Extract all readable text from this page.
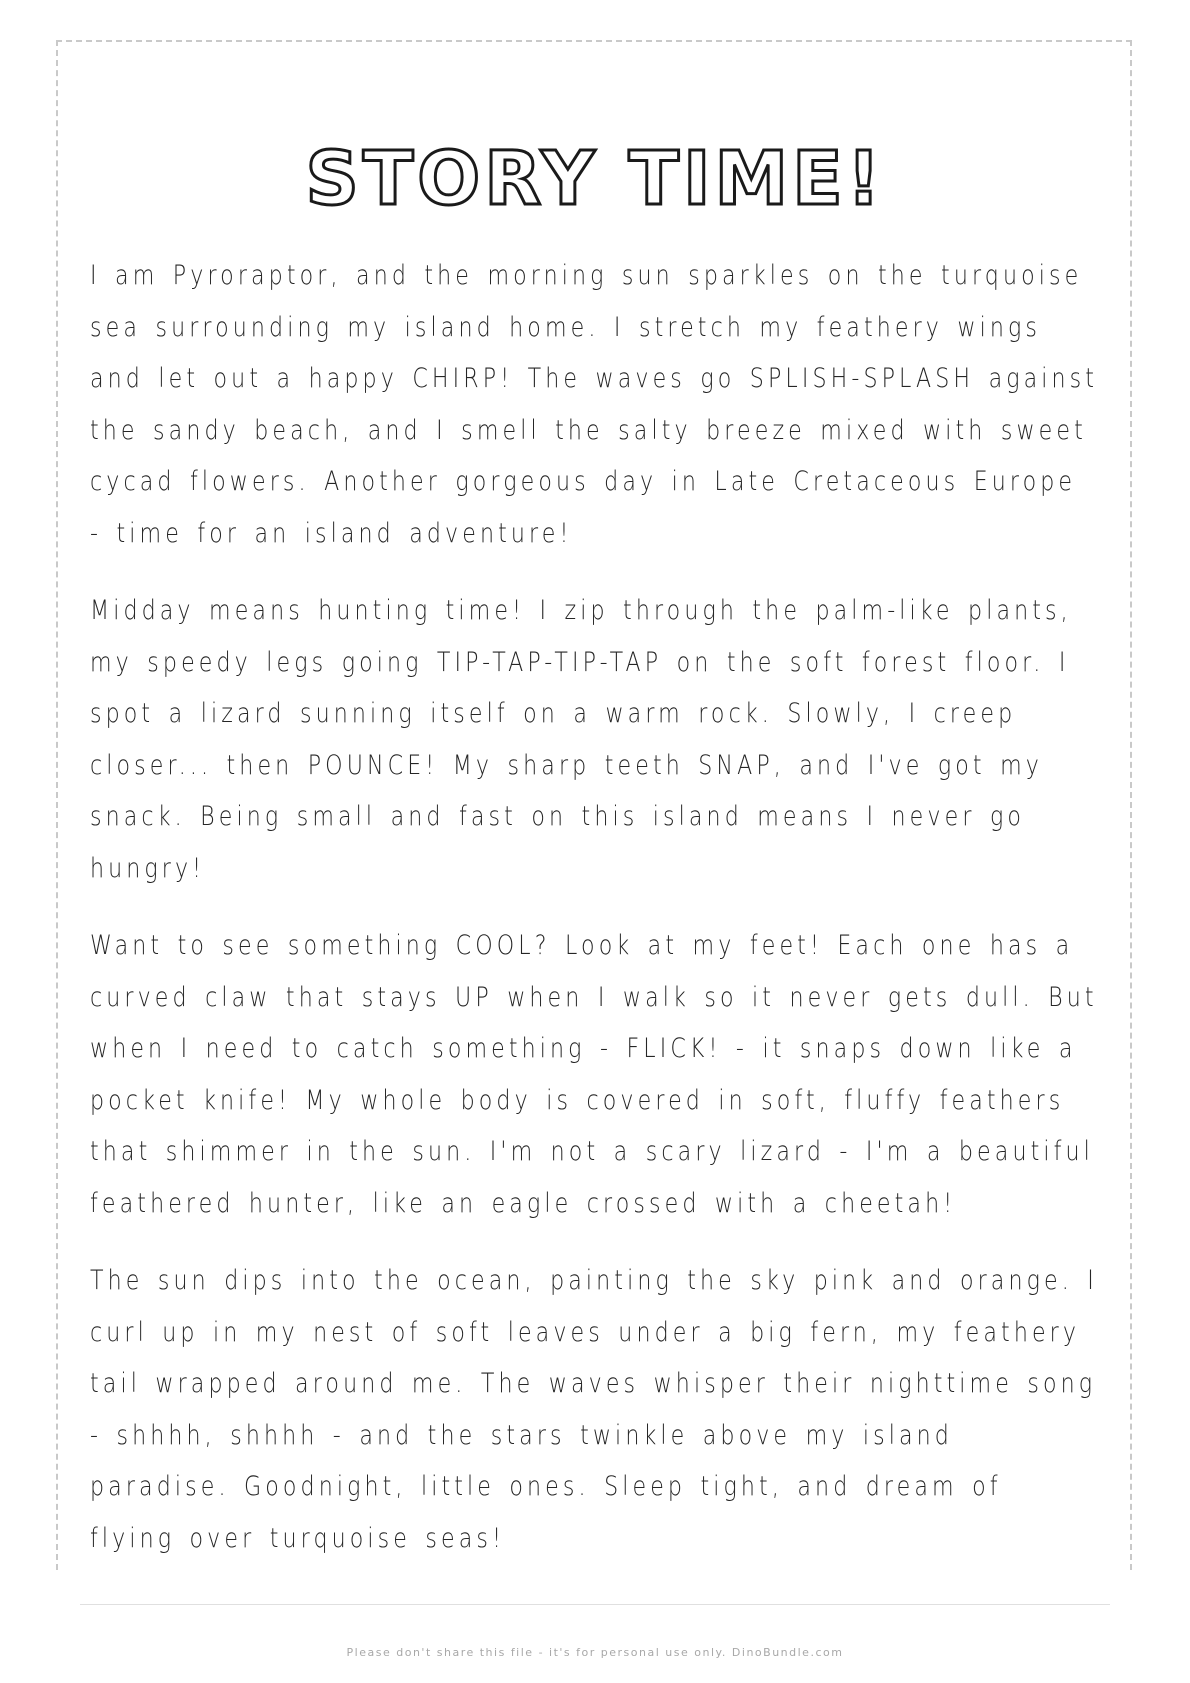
STORY TIME!

I am Pyroraptor, and the morning sun sparkles on the turquoise sea surrounding my island home. I stretch my feathery wings and let out a happy CHIRP! The waves go SPLISH-SPLASH against the sandy beach, and I smell the salty breeze mixed with sweet cycad flowers. Another gorgeous day in Late Cretaceous Europe - time for an island adventure!

Midday means hunting time! I zip through the palm-like plants, my speedy legs going TIP-TAP-TIP-TAP on the soft forest floor. I spot a lizard sunning itself on a warm rock. Slowly, I creep closer... then POUNCE! My sharp teeth SNAP, and I've got my snack. Being small and fast on this island means I never go hungry!

Want to see something COOL? Look at my feet! Each one has a curved claw that stays UP when I walk so it never gets dull. But when I need to catch something - FLICK! - it snaps down like a pocket knife! My whole body is covered in soft, fluffy feathers that shimmer in the sun. I'm not a scary lizard - I'm a beautiful feathered hunter, like an eagle crossed with a cheetah!

The sun dips into the ocean, painting the sky pink and orange. I curl up in my nest of soft leaves under a big fern, my feathery tail wrapped around me. The waves whisper their nighttime song - shhhh, shhhh - and the stars twinkle above my island paradise. Goodnight, little ones. Sleep tight, and dream of flying over turquoise seas!

Please don't share this file - it's for personal use only. DinoBundle.com
